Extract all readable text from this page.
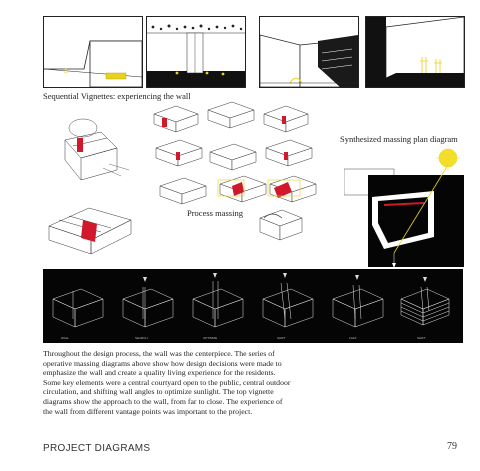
Sequential Vignettes: experiencing the wall
Process massing
Synthesized massing plan diagram
WALL	SEARCH	OPTIMIZE	SHIFT	FLEX	SHIFT
Throughout the design process, the wall was the centerpiece. The series of operative massing diagrams above show how design decisions were made to emphasize the wall and create a quality living experience for the residents. Some key elements were a central courtyard open to the public, central outdoor circulation, and shifting wall angles to optimize sunlight. The top vignette diagrams show the approach to the wall, from far to close. The experience of the wall from different vantage points was important to the project.
PROJECT DIAGRAMS	79
